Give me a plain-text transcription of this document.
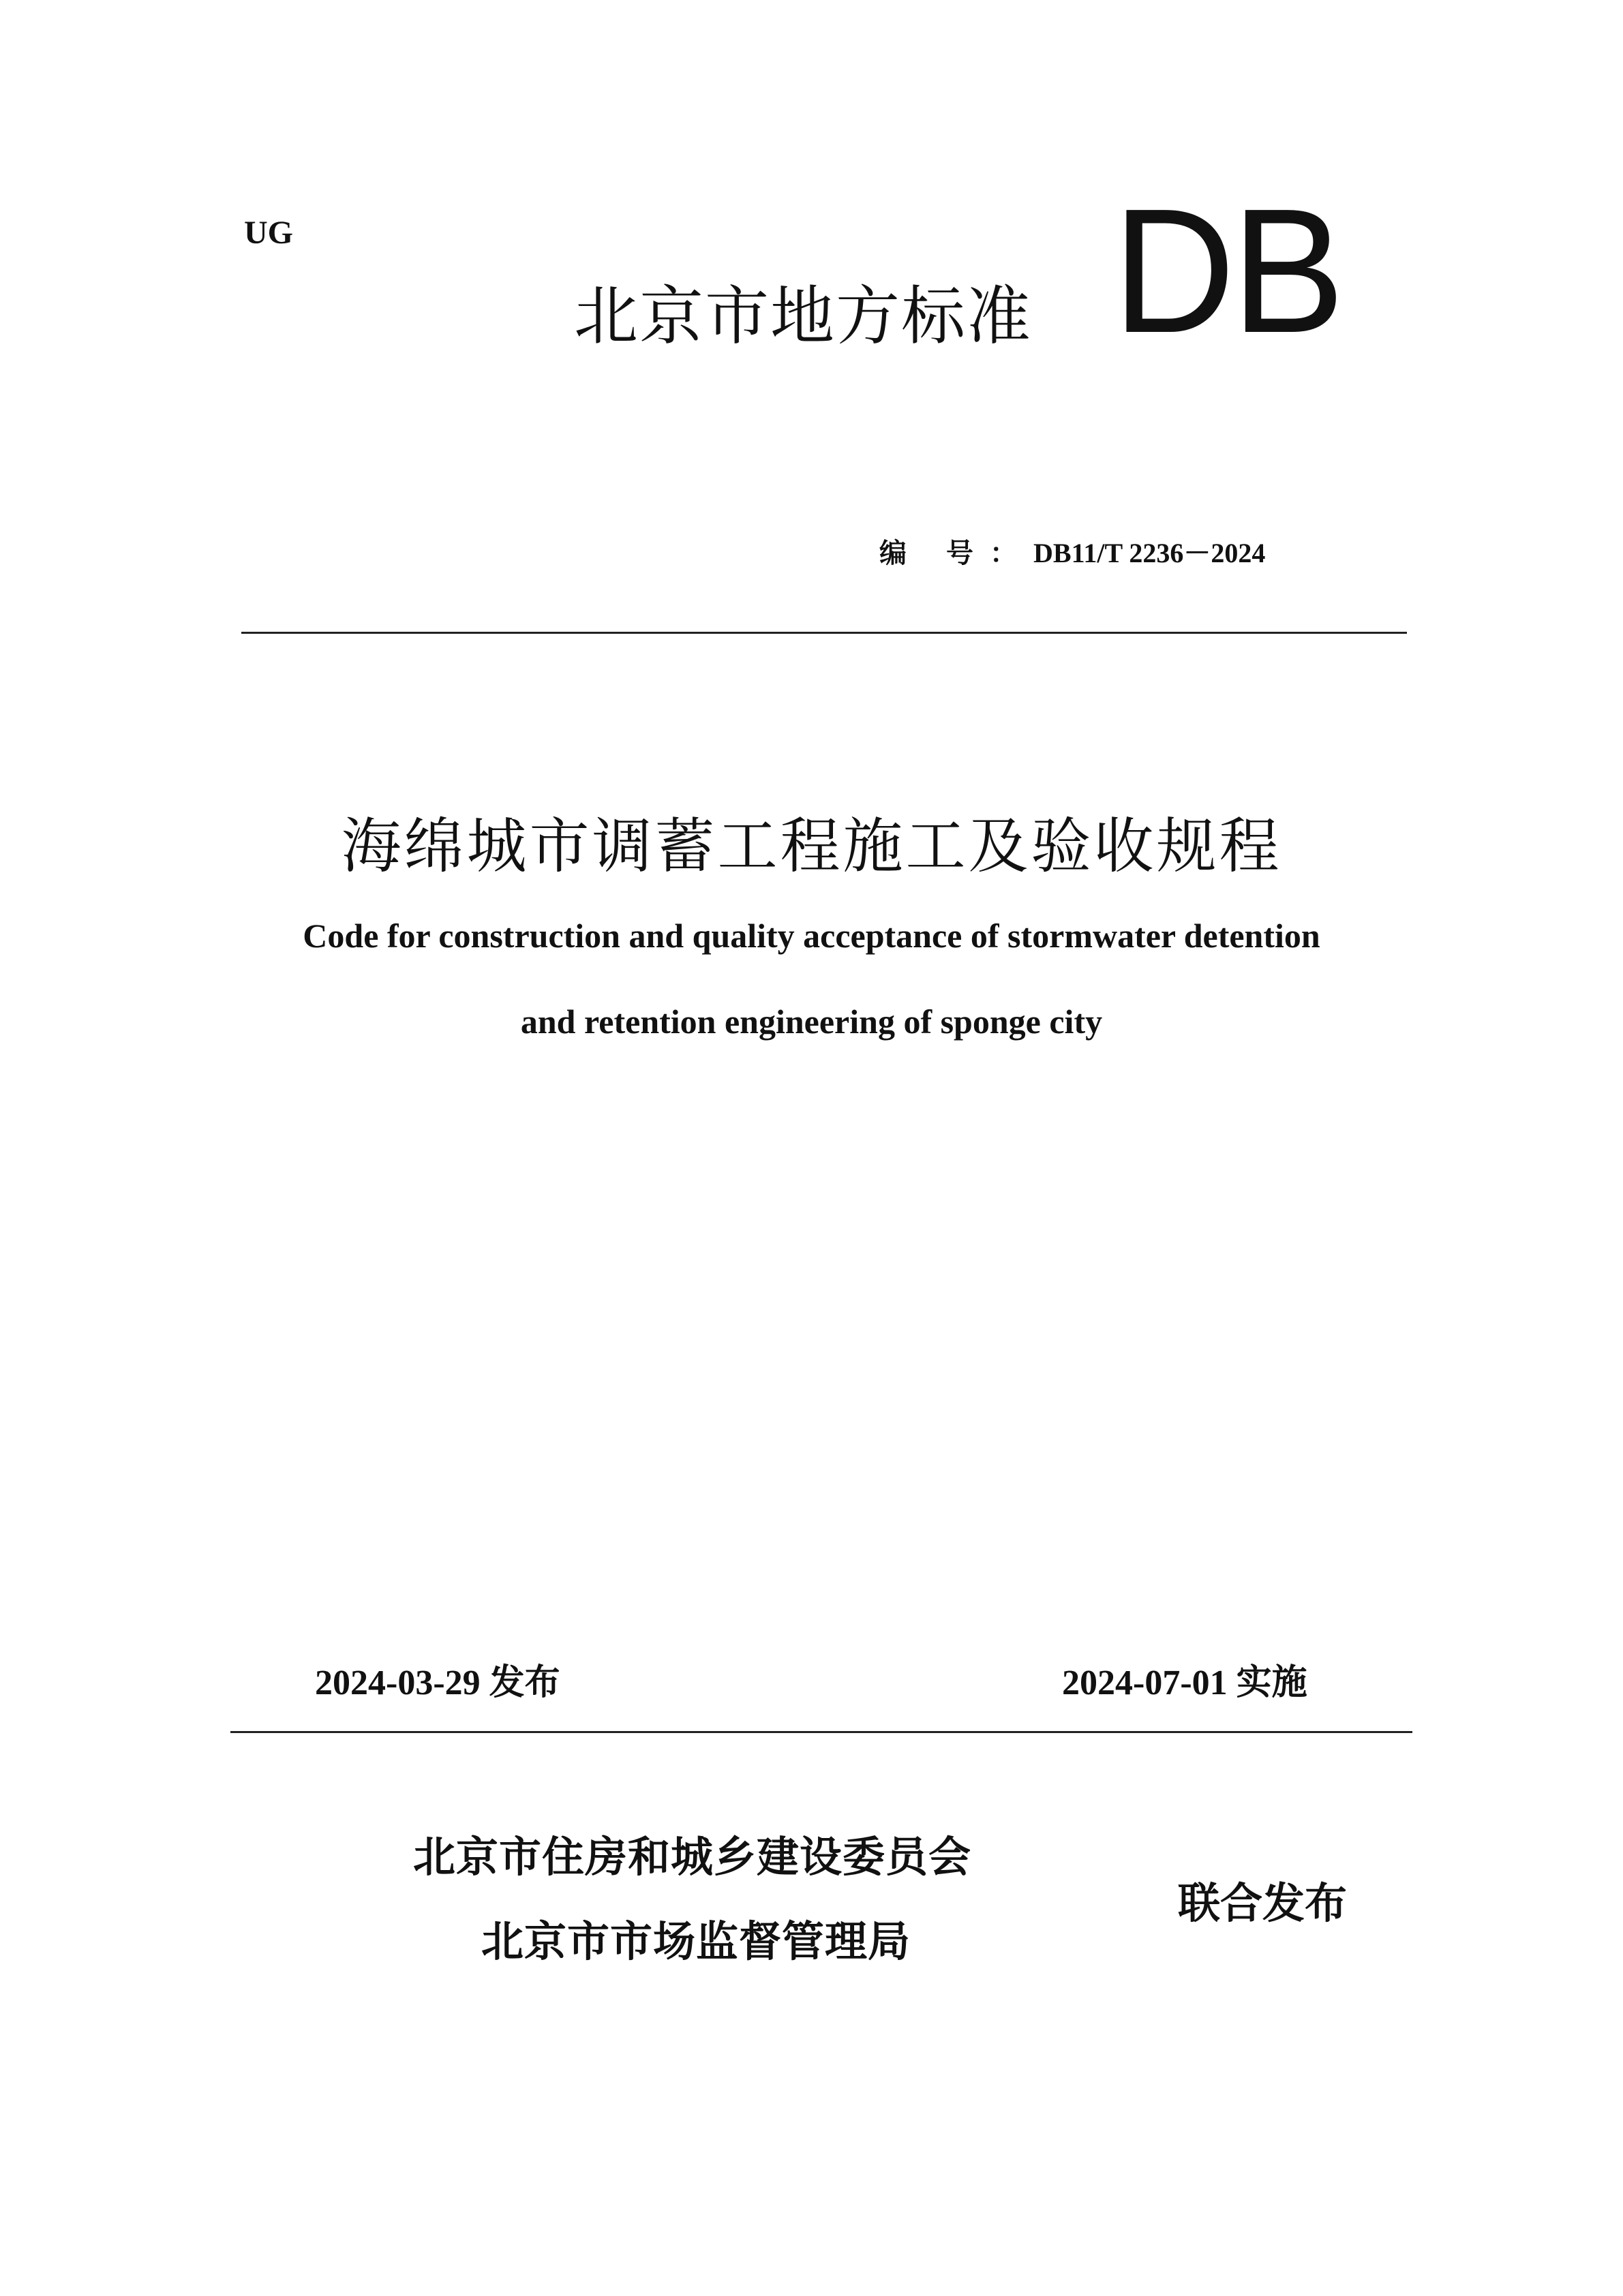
UG
北京市地方标准 DB
编 号：DB11/T 2236－2024
海绵城市调蓄工程施工及验收规程
Code for construction and quality acceptance of stormwater detention
and retention engineering of sponge city
2024-03-29 发布	2024-07-01 实施
北京市住房和城乡建设委员会
北京市市场监督管理局
联合发布
